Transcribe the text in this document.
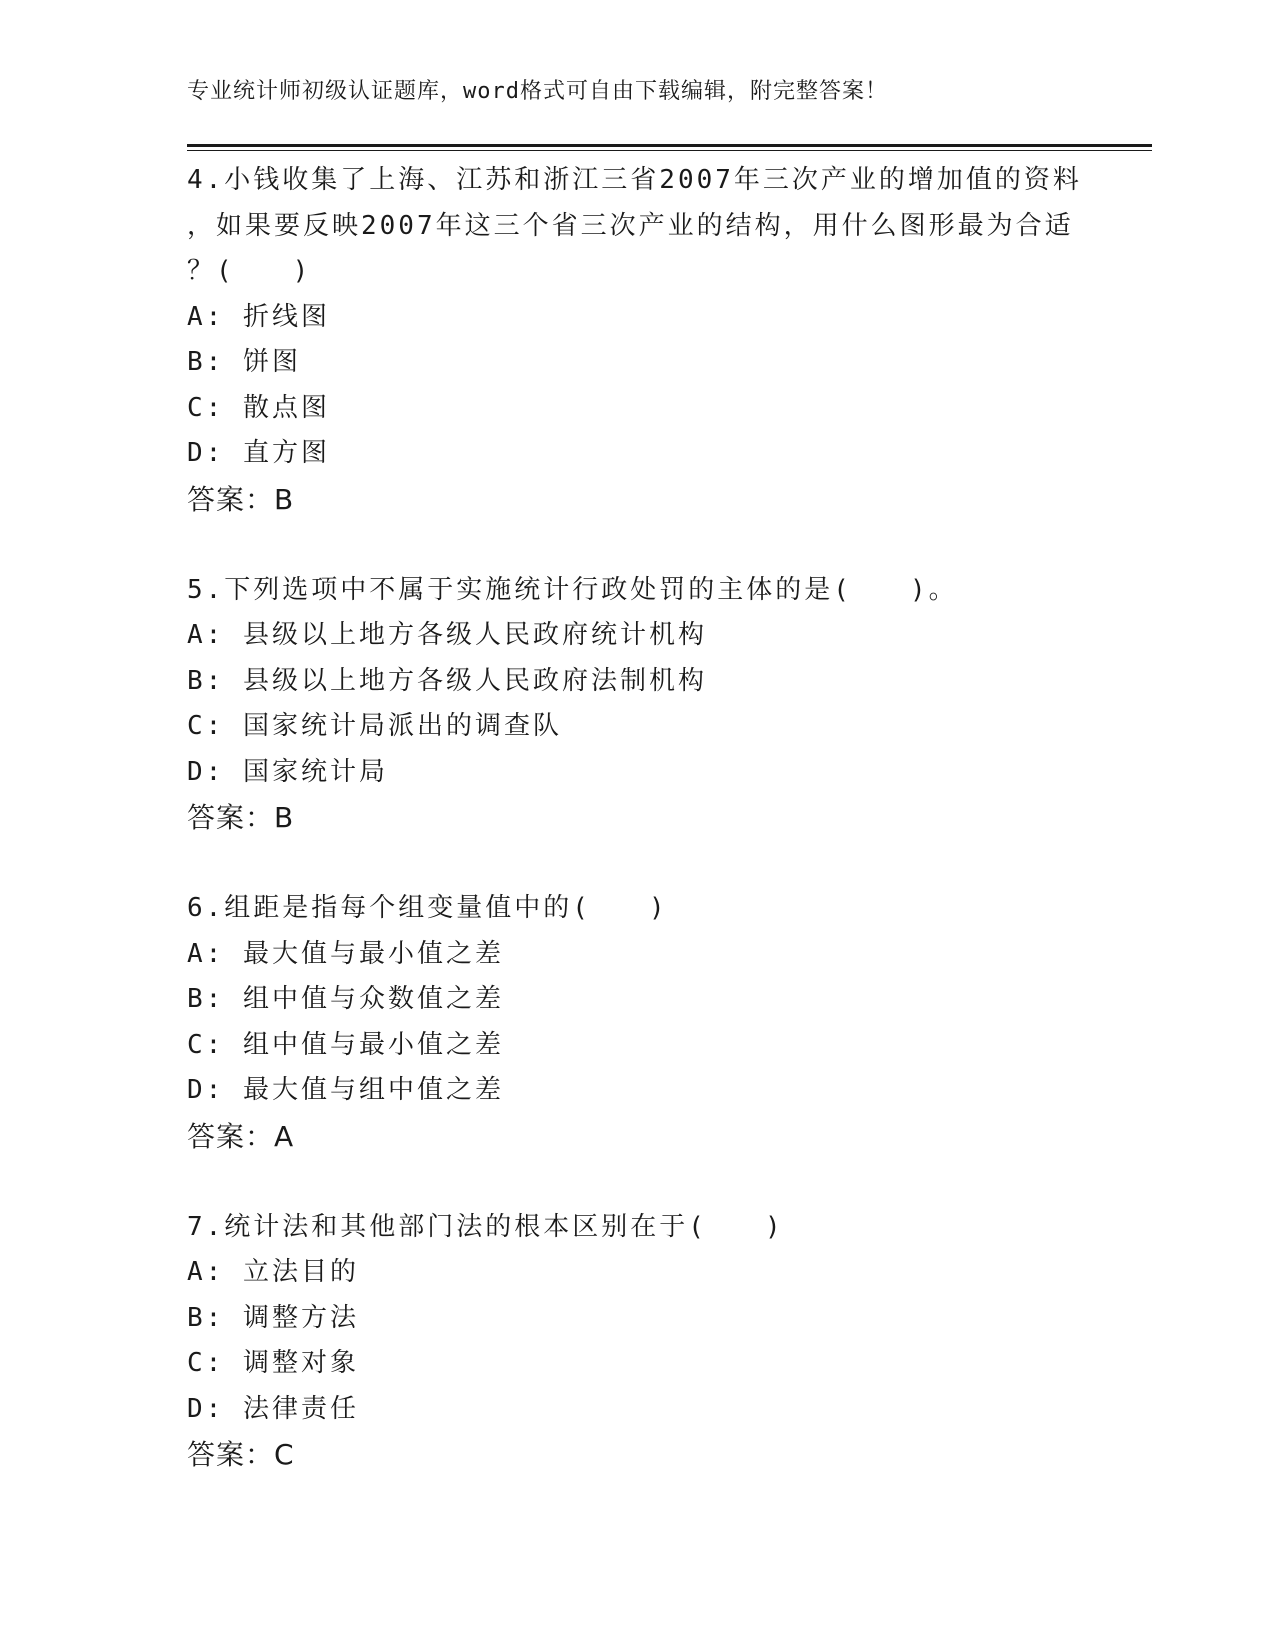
专业统计师初级认证题库，word格式可自由下载编辑，附完整答案！
4.小钱收集了上海、江苏和浙江三省2007年三次产业的增加值的资料
，如果要反映2007年这三个省三次产业的结构，用什么图形最为合适
？(　　)
A: 折线图
B: 饼图
C: 散点图
D: 直方图
答案：B
5.下列选项中不属于实施统计行政处罚的主体的是(　　)。
A: 县级以上地方各级人民政府统计机构
B: 县级以上地方各级人民政府法制机构
C: 国家统计局派出的调查队
D: 国家统计局
答案：B
6.组距是指每个组变量值中的(　　)
A: 最大值与最小值之差
B: 组中值与众数值之差
C: 组中值与最小值之差
D: 最大值与组中值之差
答案：A
7.统计法和其他部门法的根本区别在于(　　)
A: 立法目的
B: 调整方法
C: 调整对象
D: 法律责任
答案：C
